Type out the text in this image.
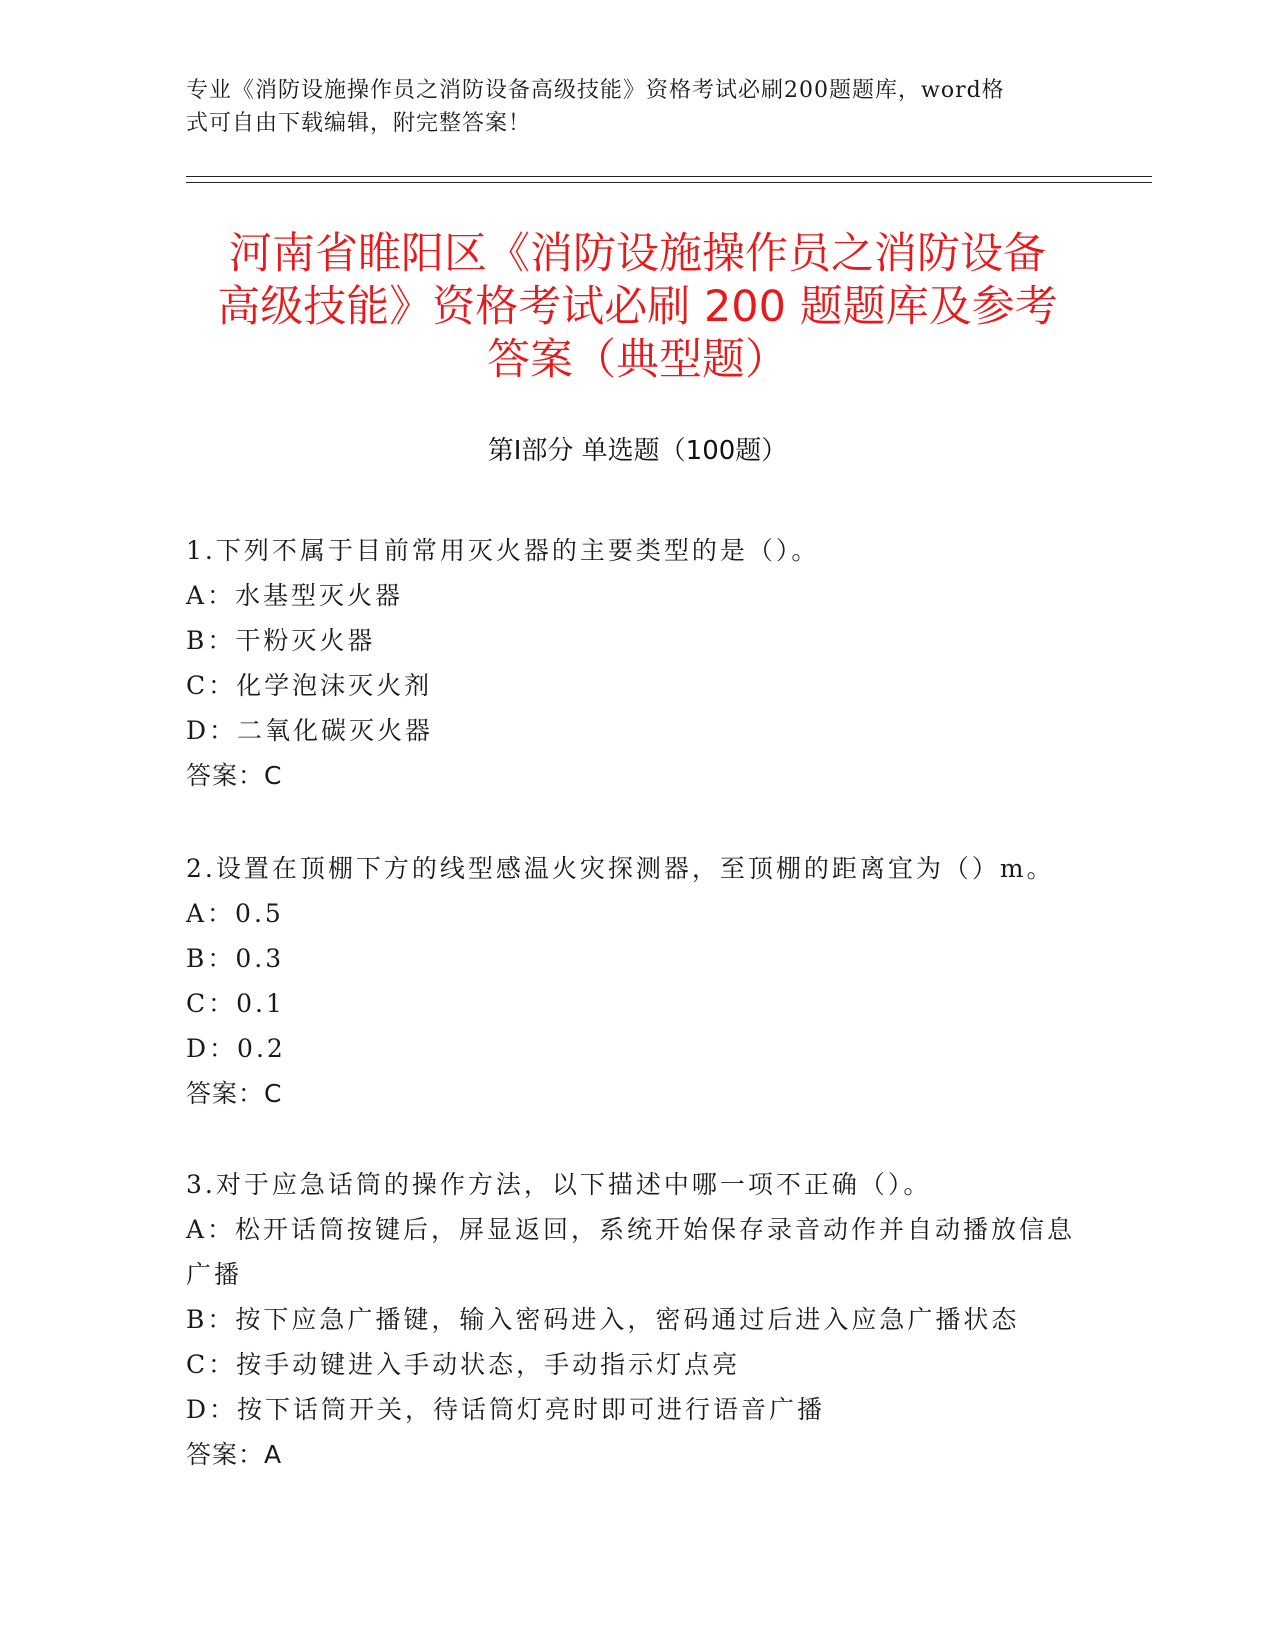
专业《消防设施操作员之消防设备高级技能》资格考试必刷200题题库，word格

式可自由下载编辑，附完整答案！

河南省睢阳区《消防设施操作员之消防设备

高级技能》资格考试必刷 200 题题库及参考

答案（典型题）

第Ⅰ部分 单选题（100题）

1.下列不属于目前常用灭火器的主要类型的是（）。

A：水基型灭火器

B：干粉灭火器

C：化学泡沫灭火剂

D：二氧化碳灭火器

答案：C

2.设置在顶棚下方的线型感温火灾探测器，至顶棚的距离宜为（）m。

A：0.5

B：0.3

C：0.1

D：0.2

答案：C

3.对于应急话筒的操作方法，以下描述中哪一项不正确（）。

A：松开话筒按键后，屏显返回，系统开始保存录音动作并自动播放信息广播

B：按下应急广播键，输入密码进入，密码通过后进入应急广播状态

C：按手动键进入手动状态，手动指示灯点亮

D：按下话筒开关，待话筒灯亮时即可进行语音广播

答案：A
